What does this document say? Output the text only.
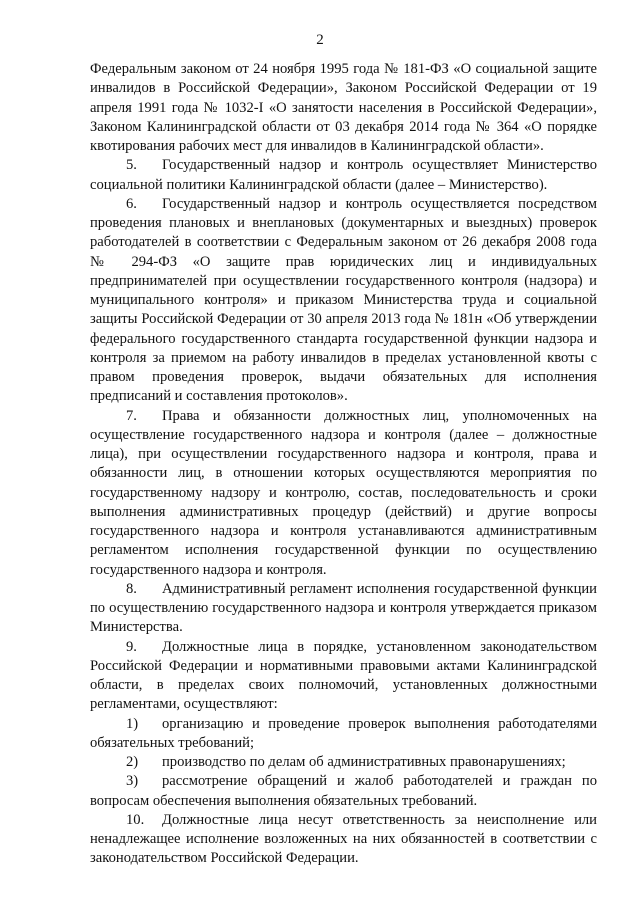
2

Федеральным законом от 24 ноября 1995 года № 181-ФЗ «О социальной защите инвалидов в Российской Федерации», Законом Российской Федерации от 19 апреля 1991 года № 1032-I «О занятости населения в Российской Федерации», Законом Калининградской области от 03 декабря 2014 года № 364 «О порядке квотирования рабочих мест для инвалидов в Калининградской области».

5. Государственный надзор и контроль осуществляет Министерство социальной политики Калининградской области (далее – Министерство).

6. Государственный надзор и контроль осуществляется посредством проведения плановых и внеплановых (документарных и выездных) проверок работодателей в соответствии с Федеральным законом от 26 декабря 2008 года № 294-ФЗ «О защите прав юридических лиц и индивидуальных предпринимателей при осуществлении государственного контроля (надзора) и муниципального контроля» и приказом Министерства труда и социальной защиты Российской Федерации от 30 апреля 2013 года № 181н «Об утверждении федерального государственного стандарта государственной функции надзора и контроля за приемом на работу инвалидов в пределах установленной квоты с правом проведения проверок, выдачи обязательных для исполнения предписаний и составления протоколов».

7. Права и обязанности должностных лиц, уполномоченных на осуществление государственного надзора и контроля (далее – должностные лица), при осуществлении государственного надзора и контроля, права и обязанности лиц, в отношении которых осуществляются мероприятия по государственному надзору и контролю, состав, последовательность и сроки выполнения административных процедур (действий) и другие вопросы государственного надзора и контроля устанавливаются административным регламентом исполнения государственной функции по осуществлению государственного надзора и контроля.

8. Административный регламент исполнения государственной функции по осуществлению государственного надзора и контроля утверждается приказом Министерства.

9. Должностные лица в порядке, установленном законодательством Российской Федерации и нормативными правовыми актами Калининградской области, в пределах своих полномочий, установленных должностными регламентами, осуществляют:

1) организацию и проведение проверок выполнения работодателями обязательных требований;

2) производство по делам об административных правонарушениях;

3) рассмотрение обращений и жалоб работодателей и граждан по вопросам обеспечения выполнения обязательных требований.

10. Должностные лица несут ответственность за неисполнение или ненадлежащее исполнение возложенных на них обязанностей в соответствии с законодательством Российской Федерации.
